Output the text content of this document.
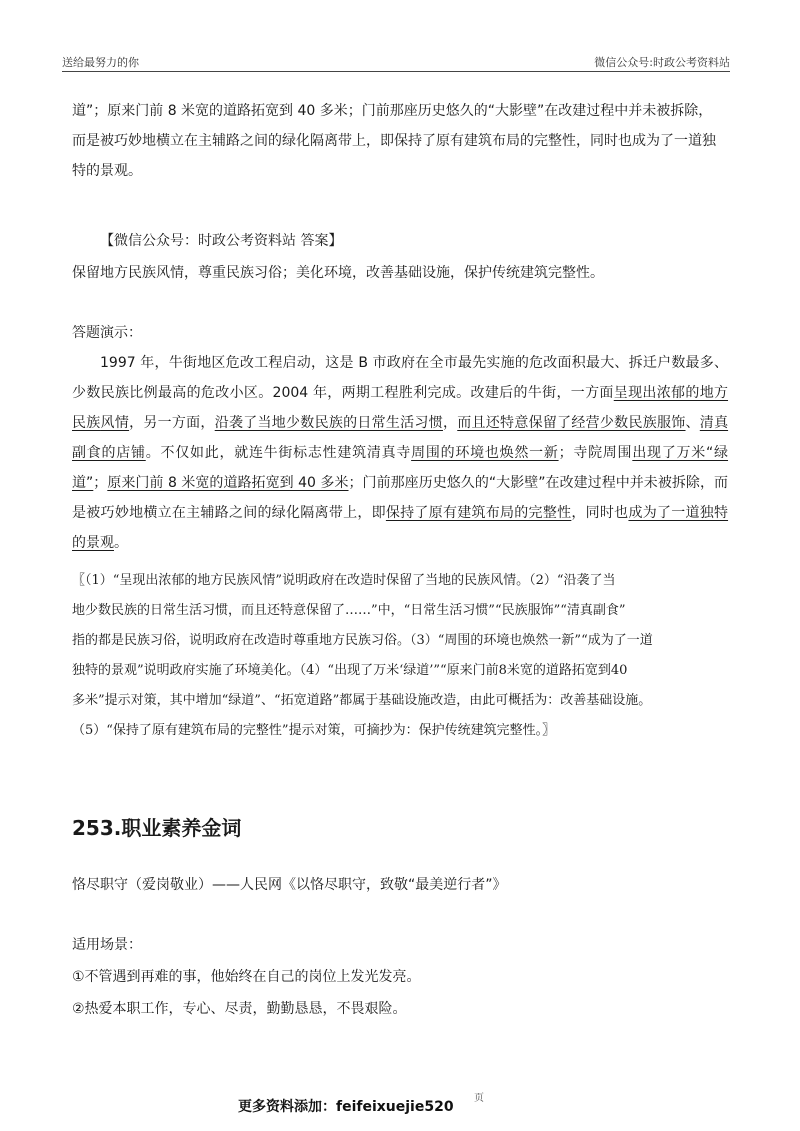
送给最努力的你	微信公众号:时政公考资料站

道”；原来门前 8 米宽的道路拓宽到 40 多米；门前那座历史悠久的“大影壁”在改建过程中并未被拆除，
而是被巧妙地横立在主辅路之间的绿化隔离带上，即保持了原有建筑布局的完整性，同时也成为了一道独
特的景观。

【微信公众号：时政公考资料站 答案】

保留地方民族风情，尊重民族习俗；美化环境，改善基础设施，保护传统建筑完整性。

答题演示：

1997 年，牛街地区危改工程启动，这是 B 市政府在全市最先实施的危改面积最大、拆迁户数最多、少数民族比例最高的危改小区。2004 年，两期工程胜利完成。改建后的牛街，一方面呈现出浓郁的地方民族风情，另一方面，沿袭了当地少数民族的日常生活习惯，而且还特意保留了经营少数民族服饰、清真副食的店铺。不仅如此，就连牛街标志性建筑清真寺周围的环境也焕然一新；寺院周围出现了万米“绿道”；原来门前 8 米宽的道路拓宽到 40 多米；门前那座历史悠久的“大影壁”在改建过程中并未被拆除，而是被巧妙地横立在主辅路之间的绿化隔离带上，即保持了原有建筑布局的完整性，同时也成为了一道独特的景观。

〖（1）“呈现出浓郁的地方民族风情”说明政府在改造时保留了当地的民族风情。（2）“沿袭了当
地少数民族的日常生活习惯，而且还特意保留了……”中，“日常生活习惯”“民族服饰”“清真副食”
指的都是民族习俗，说明政府在改造时尊重地方民族习俗。（3）“周围的环境也焕然一新”“成为了一道
独特的景观”说明政府实施了环境美化。（4）“出现了万米‘绿道’”“原来门前8米宽的道路拓宽到40
多米”提示对策，其中增加“绿道”、“拓宽道路”都属于基础设施改造，由此可概括为：改善基础设施。
（5）“保持了原有建筑布局的完整性”提示对策，可摘抄为：保护传统建筑完整性。〗
253.职业素养金词

恪尽职守（爱岗敬业）——人民网《以恪尽职守，致敬“最美逆行者”》

适用场景：

①不管遇到再难的事，他始终在自己的岗位上发光发亮。

②热爱本职工作，专心、尽责，勤勤恳恳，不畏艰险。

更多资料添加：feifeixuejie520
页
